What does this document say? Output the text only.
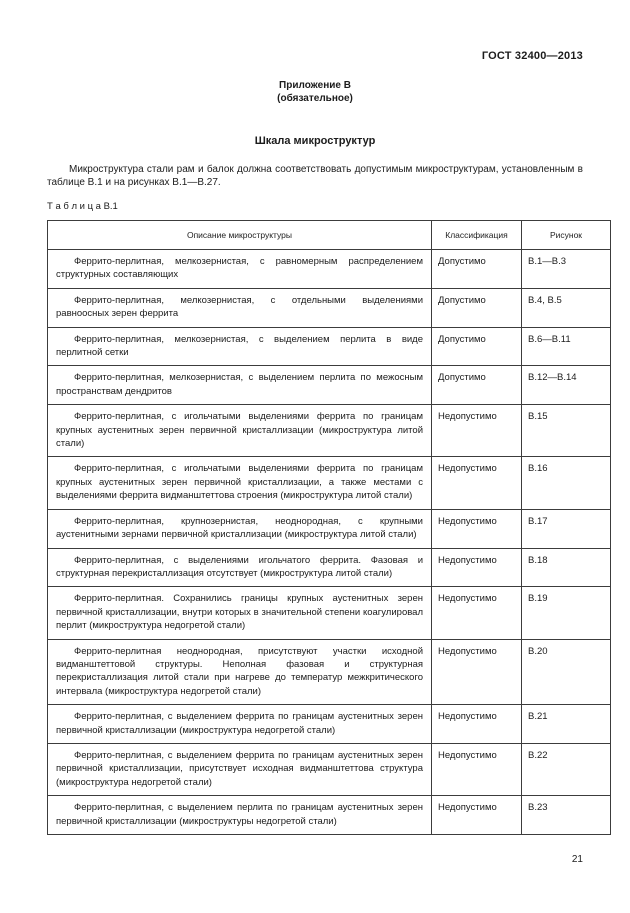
ГОСТ 32400—2013
Приложение В
(обязательное)
Шкала микроструктур

Микроструктура стали рам и балок должна соответствовать допустимым микроструктурам, установленным в таблице В.1 и на рисунках В.1—В.27.

Т а б л и ц а В.1
Описание микроструктуры	Классификация	Рисунок
Феррито-перлитная, мелкозернистая, с равномерным распределением структурных составляющих	Допустимо	В.1—В.3
Феррито-перлитная, мелкозернистая, с отдельными выделениями равноосных зерен феррита	Допустимо	В.4, В.5
Феррито-перлитная, мелкозернистая, с выделением перлита в виде перлитной сетки	Допустимо	В.6—В.11
Феррито-перлитная, мелкозернистая, с выделением перлита по межосным пространствам дендритов	Допустимо	В.12—В.14
Феррито-перлитная, с игольчатыми выделениями феррита по границам крупных аустенитных зерен первичной кристаллизации (микроструктура литой стали)	Недопустимо	В.15
Феррито-перлитная, с игольчатыми выделениями феррита по границам крупных аустенитных зерен первичной кристаллизации, а также местами с выделениями феррита видманштеттова строения (микроструктура литой стали)	Недопустимо	В.16
Феррито-перлитная, крупнозернистая, неоднородная, с крупными аустенитными зернами первичной кристаллизации (микроструктура литой стали)	Недопустимо	В.17
Феррито-перлитная, с выделениями игольчатого феррита. Фазовая и структурная перекристаллизация отсутствует (микроструктура литой стали)	Недопустимо	В.18
Феррито-перлитная. Сохранились границы крупных аустенитных зерен первичной кристаллизации, внутри которых в значительной степени коагулировал перлит (микроструктура недогретой стали)	Недопустимо	В.19
Феррито-перлитная неоднородная, присутствуют участки исходной видманштеттовой структуры. Неполная фазовая и структурная перекристаллизация литой стали при нагреве до температур межкритического интервала (микроструктура недогретой стали)	Недопустимо	В.20
Феррито-перлитная, с выделением феррита по границам аустенитных зерен первичной кристаллизации (микроструктура недогретой стали)	Недопустимо	В.21
Феррито-перлитная, с выделением феррита по границам аустенитных зерен первичной кристаллизации, присутствует исходная видманштеттова структура (микроструктура недогретой стали)	Недопустимо	В.22
Феррито-перлитная, с выделением перлита по границам аустенитных зерен первичной кристаллизации (микроструктуры недогретой стали)	Недопустимо	В.23
21
